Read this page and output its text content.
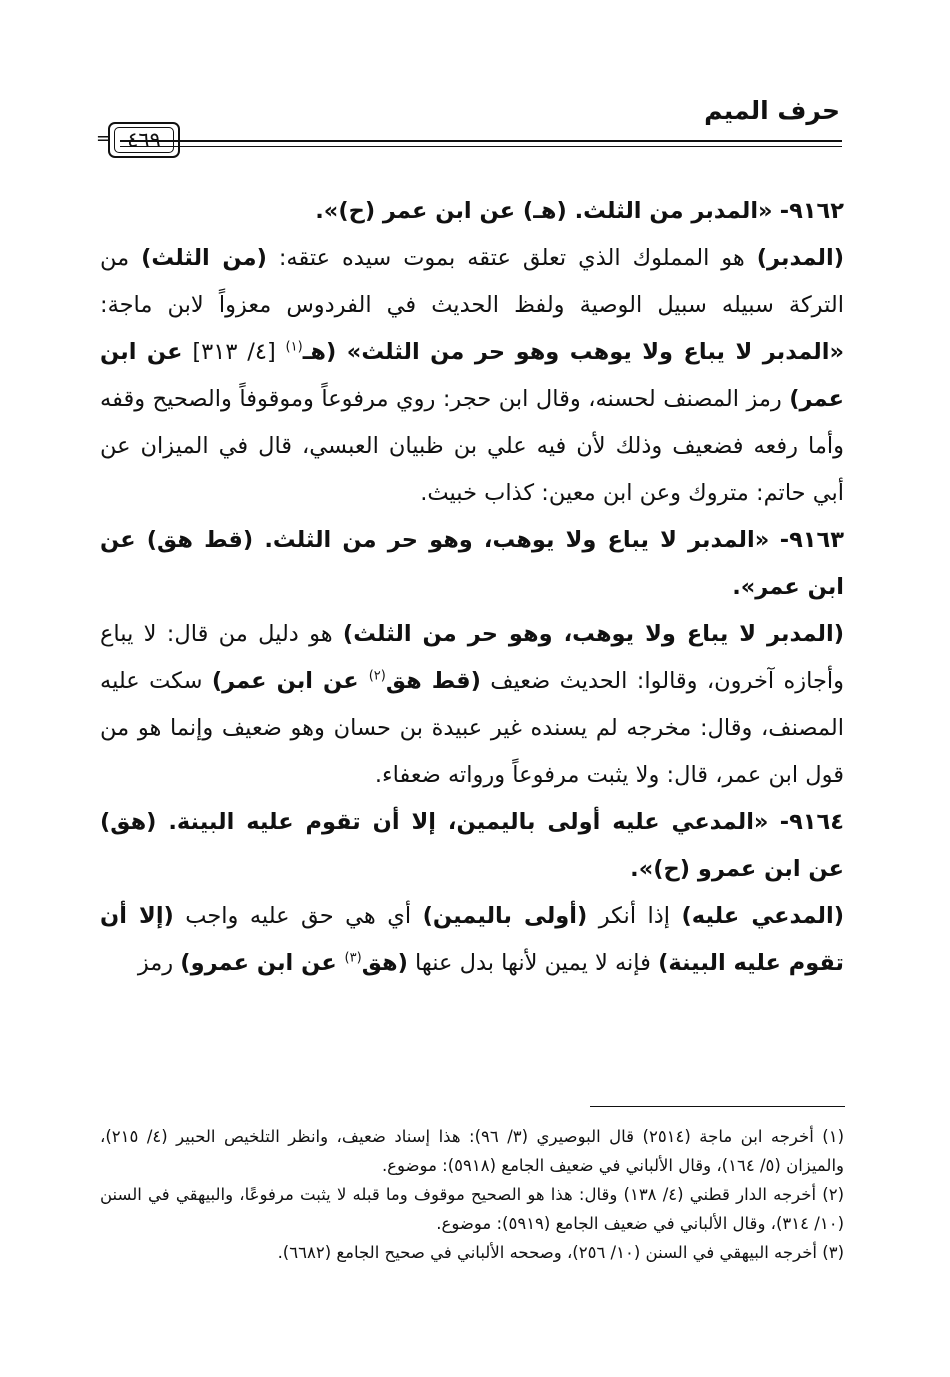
حرف الميم
= ٤٦٩

٩١٦٢- «المدبر من الثلث. (هـ) عن ابن عمر (ح)».

(المدبر) هو المملوك الذي تعلق عتقه بموت سيده عتقه: (من الثلث) من التركة سبيله سبيل الوصية ولفظ الحديث في الفردوس معزواً لابن ماجة: «المدبر لا يباع ولا يوهب وهو حر من الثلث» (هـ$^{(١)}$ [٤/ ٣١٣] عن ابن عمر) رمز المصنف لحسنه، وقال ابن حجر: روي مرفوعاً وموقوفاً والصحيح وقفه وأما رفعه فضعيف وذلك لأن فيه علي بن ظبيان العبسي، قال في الميزان عن أبي حاتم: متروك وعن ابن معين: كذاب خبيث.

٩١٦٣- «المدبر لا يباع ولا يوهب، وهو حر من الثلث. (قط هق) عن ابن عمر».

(المدبر لا يباع ولا يوهب، وهو حر من الثلث) هو دليل من قال: لا يباع وأجازه آخرون، وقالوا: الحديث ضعيف (قط هق$^{(٢)}$ عن ابن عمر) سكت عليه المصنف، وقال: مخرجه لم يسنده غير عبيدة بن حسان وهو ضعيف وإنما هو من قول ابن عمر، قال: ولا يثبت مرفوعاً ورواته ضعفاء.

٩١٦٤- «المدعي عليه أولى باليمين، إلا أن تقوم عليه البينة. (هق) عن ابن عمرو (ح)».

(المدعي عليه) إذا أنكر (أولى باليمين) أي هي حق عليه واجب (إلا أن تقوم عليه البينة) فإنه لا يمين لأنها بدل عنها (هق$^{(٣)}$ عن ابن عمرو) رمز

(١) أخرجه ابن ماجة (٢٥١٤) قال البوصيري (٣/ ٩٦): هذا إسناد ضعيف، وانظر التلخيص الحبير (٤/ ٢١٥)، والميزان (٥/ ١٦٤)، وقال الألباني في ضعيف الجامع (٥٩١٨): موضوع.

(٢) أخرجه الدار قطني (٤/ ١٣٨) وقال: هذا هو الصحيح موقوف وما قبله لا يثبت مرفوعًا، والبيهقي في السنن (١٠/ ٣١٤)، وقال الألباني في ضعيف الجامع (٥٩١٩): موضوع.

(٣) أخرجه البيهقي في السنن (١٠/ ٢٥٦)، وصححه الألباني في صحيح الجامع (٦٦٨٢).
